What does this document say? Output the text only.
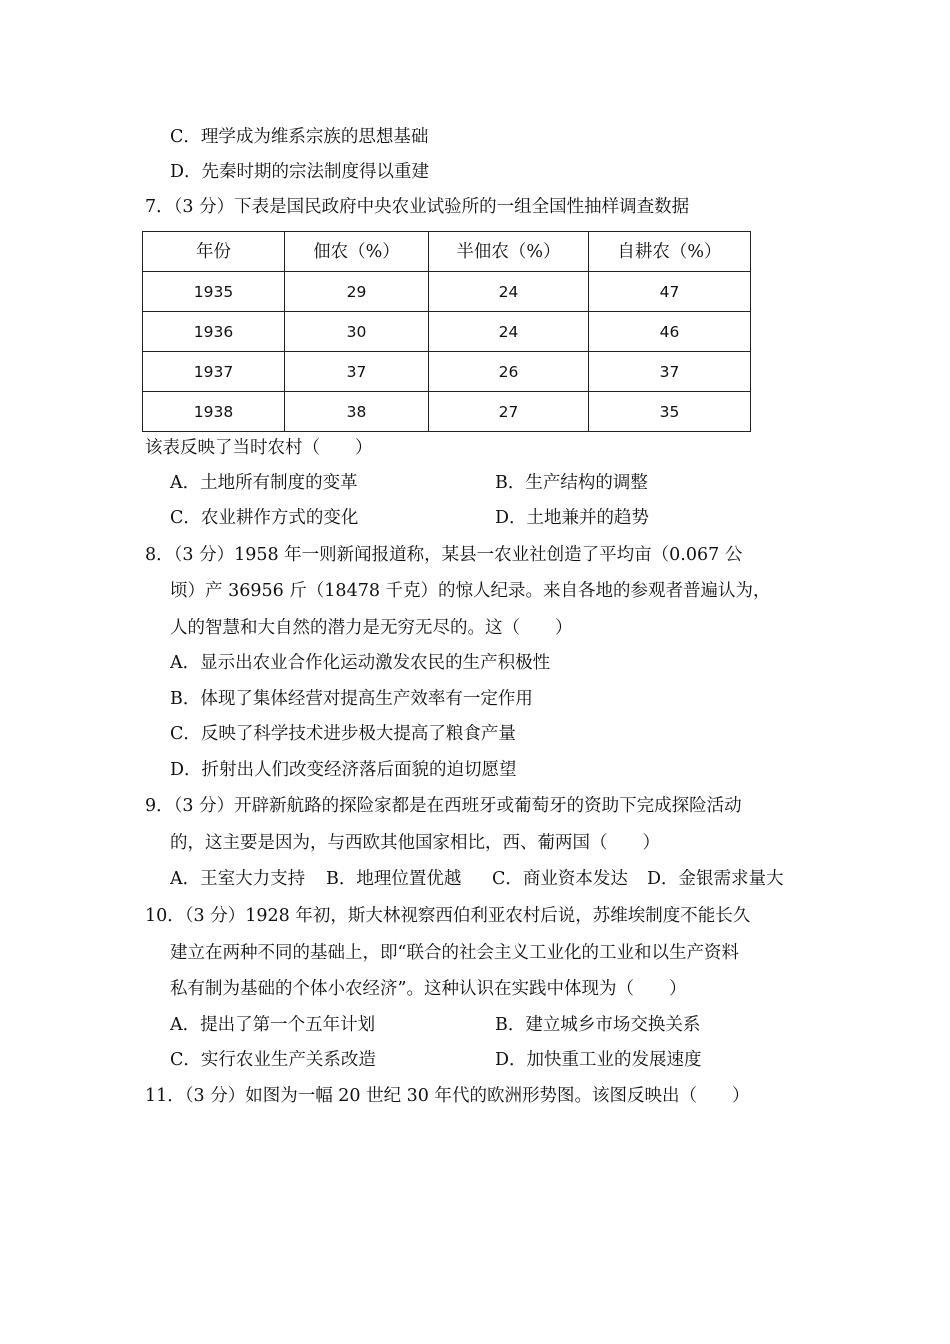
C．理学成为维系宗族的思想基础
D．先秦时期的宗法制度得以重建
7．（3 分）下表是国民政府中央农业试验所的一组全国性抽样调查数据
年份	佃农（%）	半佃农（%）	自耕农（%）
1935	29	24	47
1936	30	24	46
1937	37	26	37
1938	38	27	35
该表反映了当时农村（　　）
A．土地所有制度的变革	B．生产结构的调整
C．农业耕作方式的变化	D．土地兼并的趋势
8．（3 分）1958 年一则新闻报道称，某县一农业社创造了平均亩（0.067 公
顷）产 36956 斤（18478 千克）的惊人纪录。来自各地的参观者普遍认为，
人的智慧和大自然的潜力是无穷无尽的。这（　　）
A．显示出农业合作化运动激发农民的生产积极性
B．体现了集体经营对提高生产效率有一定作用
C．反映了科学技术进步极大提高了粮食产量
D．折射出人们改变经济落后面貌的迫切愿望
9．（3 分）开辟新航路的探险家都是在西班牙或葡萄牙的资助下完成探险活动
的，这主要是因为，与西欧其他国家相比，西、葡两国（　　）
A．王室大力支持 B．地理位置优越 C．商业资本发达 D．金银需求量大
10．（3 分）1928 年初，斯大林视察西伯利亚农村后说，苏维埃制度不能长久
建立在两种不同的基础上，即“联合的社会主义工业化的工业和以生产资料
私有制为基础的个体小农经济”。这种认识在实践中体现为（　　）
A．提出了第一个五年计划	B．建立城乡市场交换关系
C．实行农业生产关系改造	D．加快重工业的发展速度
11．（3 分）如图为一幅 20 世纪 30 年代的欧洲形势图。该图反映出（　　）
